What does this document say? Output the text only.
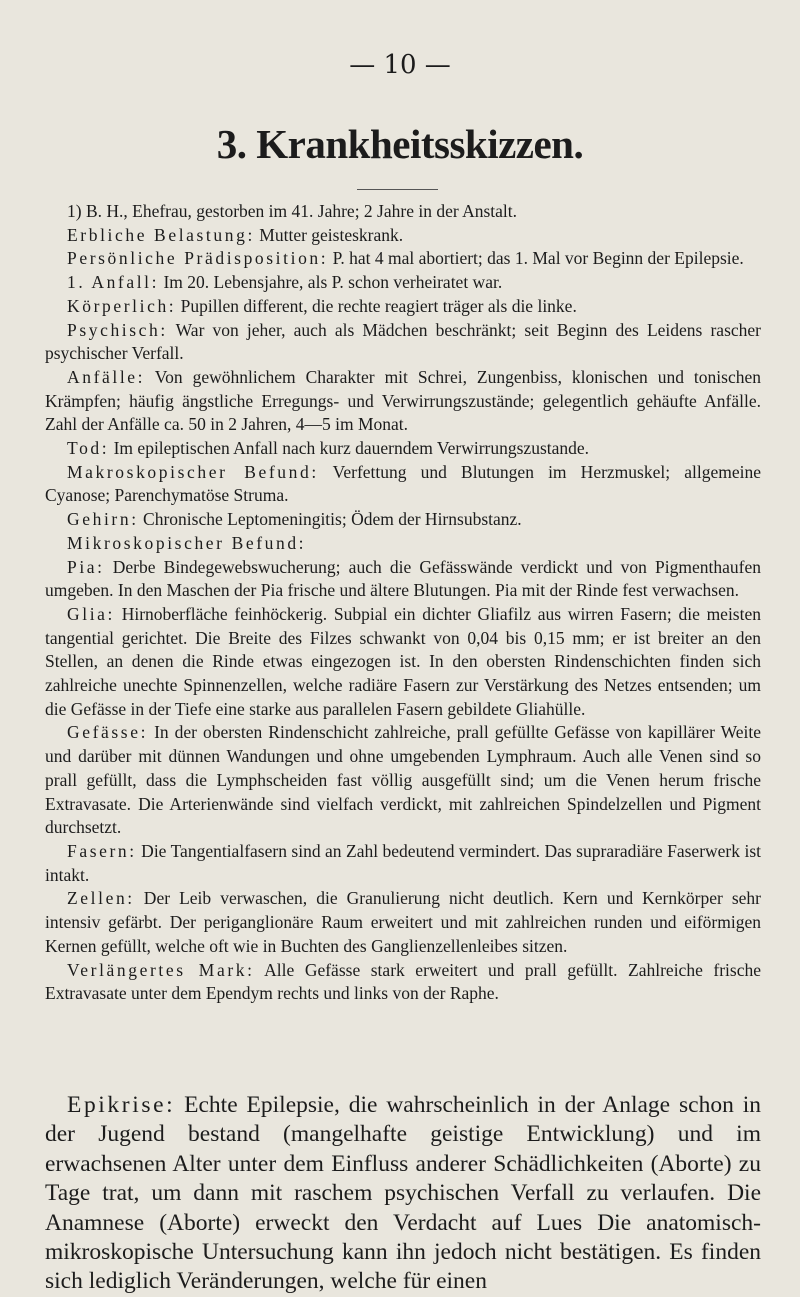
— 10 —
3. Krankheitsskizzen.

1) B. H., Ehefrau, gestorben im 41. Jahre; 2 Jahre in der Anstalt.

Erbliche Belastung: Mutter geisteskrank.

Persönliche Prädisposition: P. hat 4 mal abortiert; das 1. Mal vor Beginn der Epilepsie.

1. Anfall: Im 20. Lebensjahre, als P. schon verheiratet war.

Körperlich: Pupillen different, die rechte reagiert träger als die linke.

Psychisch: War von jeher, auch als Mädchen beschränkt; seit Beginn des Leidens rascher psychischer Verfall.

Anfälle: Von gewöhnlichem Charakter mit Schrei, Zungenbiss, klonischen und tonischen Krämpfen; häufig ängstliche Erregungs- und Verwirrungszustände; gelegentlich gehäufte Anfälle. Zahl der Anfälle ca. 50 in 2 Jahren, 4—5 im Monat.

Tod: Im epileptischen Anfall nach kurz dauerndem Verwirrungszustande.

Makroskopischer Befund: Verfettung und Blutungen im Herzmuskel; allgemeine Cyanose; Parenchymatöse Struma.

Gehirn: Chronische Leptomeningitis; Ödem der Hirnsubstanz.

Mikroskopischer Befund:

Pia: Derbe Bindegewebswucherung; auch die Gefässwände verdickt und von Pigmenthaufen umgeben. In den Maschen der Pia frische und ältere Blutungen. Pia mit der Rinde fest verwachsen.

Glia: Hirnoberfläche feinhöckerig. Subpial ein dichter Gliafilz aus wirren Fasern; die meisten tangential gerichtet. Die Breite des Filzes schwankt von 0,04 bis 0,15 mm; er ist breiter an den Stellen, an denen die Rinde etwas eingezogen ist. In den obersten Rindenschichten finden sich zahlreiche unechte Spinnenzellen, welche radiäre Fasern zur Verstärkung des Netzes entsenden; um die Gefässe in der Tiefe eine starke aus parallelen Fasern gebildete Gliahülle.

Gefässe: In der obersten Rindenschicht zahlreiche, prall gefüllte Gefässe von kapillärer Weite und darüber mit dünnen Wandungen und ohne umgebenden Lymphraum. Auch alle Venen sind so prall gefüllt, dass die Lymphscheiden fast völlig ausgefüllt sind; um die Venen herum frische Extravasate. Die Arterienwände sind vielfach verdickt, mit zahlreichen Spindelzellen und Pigment durchsetzt.

Fasern: Die Tangentialfasern sind an Zahl bedeutend vermindert. Das supraradiäre Faserwerk ist intakt.

Zellen: Der Leib verwaschen, die Granulierung nicht deutlich. Kern und Kernkörper sehr intensiv gefärbt. Der periganglionäre Raum erweitert und mit zahlreichen runden und eiförmigen Kernen gefüllt, welche oft wie in Buchten des Ganglienzellenleibes sitzen.

Verlängertes Mark: Alle Gefässe stark erweitert und prall gefüllt. Zahlreiche frische Extravasate unter dem Ependym rechts und links von der Raphe.

Epikrise: Echte Epilepsie, die wahrscheinlich in der Anlage schon in der Jugend bestand (mangelhafte geistige Entwicklung) und im erwachsenen Alter unter dem Einfluss anderer Schädlichkeiten (Aborte) zu Tage trat, um dann mit raschem psychischen Verfall zu verlaufen. Die Anamnese (Aborte) erweckt den Verdacht auf Lues Die anatomisch-mikroskopische Untersuchung kann ihn jedoch nicht bestätigen. Es finden sich lediglich Veränderungen, welche für einen
